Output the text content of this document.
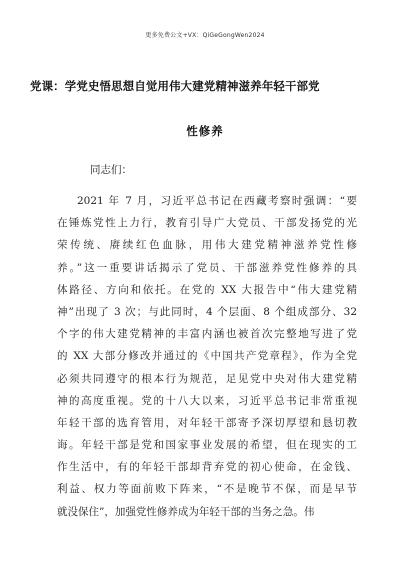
更多免费公文+VX：QiGeGongWen2024
党课：学党史悟思想自觉用伟大建党精神滋养年轻干部党
性修养
同志们：
2021 年 7 月，习近平总书记在西藏考察时强调：“要
在锤炼党性上力行，教育引导广大党员、干部发扬党的光
荣传统、赓续红色血脉，用伟大建党精神滋养党性修
养。”这一重要讲话揭示了党员、干部滋养党性修养的具
体路径、方向和依托。在党的 XX 大报告中“伟大建党精
神”出现了 3 次；与此同时，4 个层面、8 个组成部分、32
个字的伟大建党精神的丰富内涵也被首次完整地写进了党
的 XX 大部分修改并通过的《中国共产党章程》，作为全党
必须共同遵守的根本行为规范，足见党中央对伟大建党精
神的高度重视。党的十八大以来，习近平总书记非常重视
年轻干部的选育管用，对年轻干部寄予深切厚望和恳切教
诲。年轻干部是党和国家事业发展的希望，但在现实的工
作生活中，有的年轻干部却背弃党的初心使命，在金钱、
利益、权力等面前败下阵来，“不是晚节不保，而是早节
就没保住”，加强党性修养成为年轻干部的当务之急。伟
